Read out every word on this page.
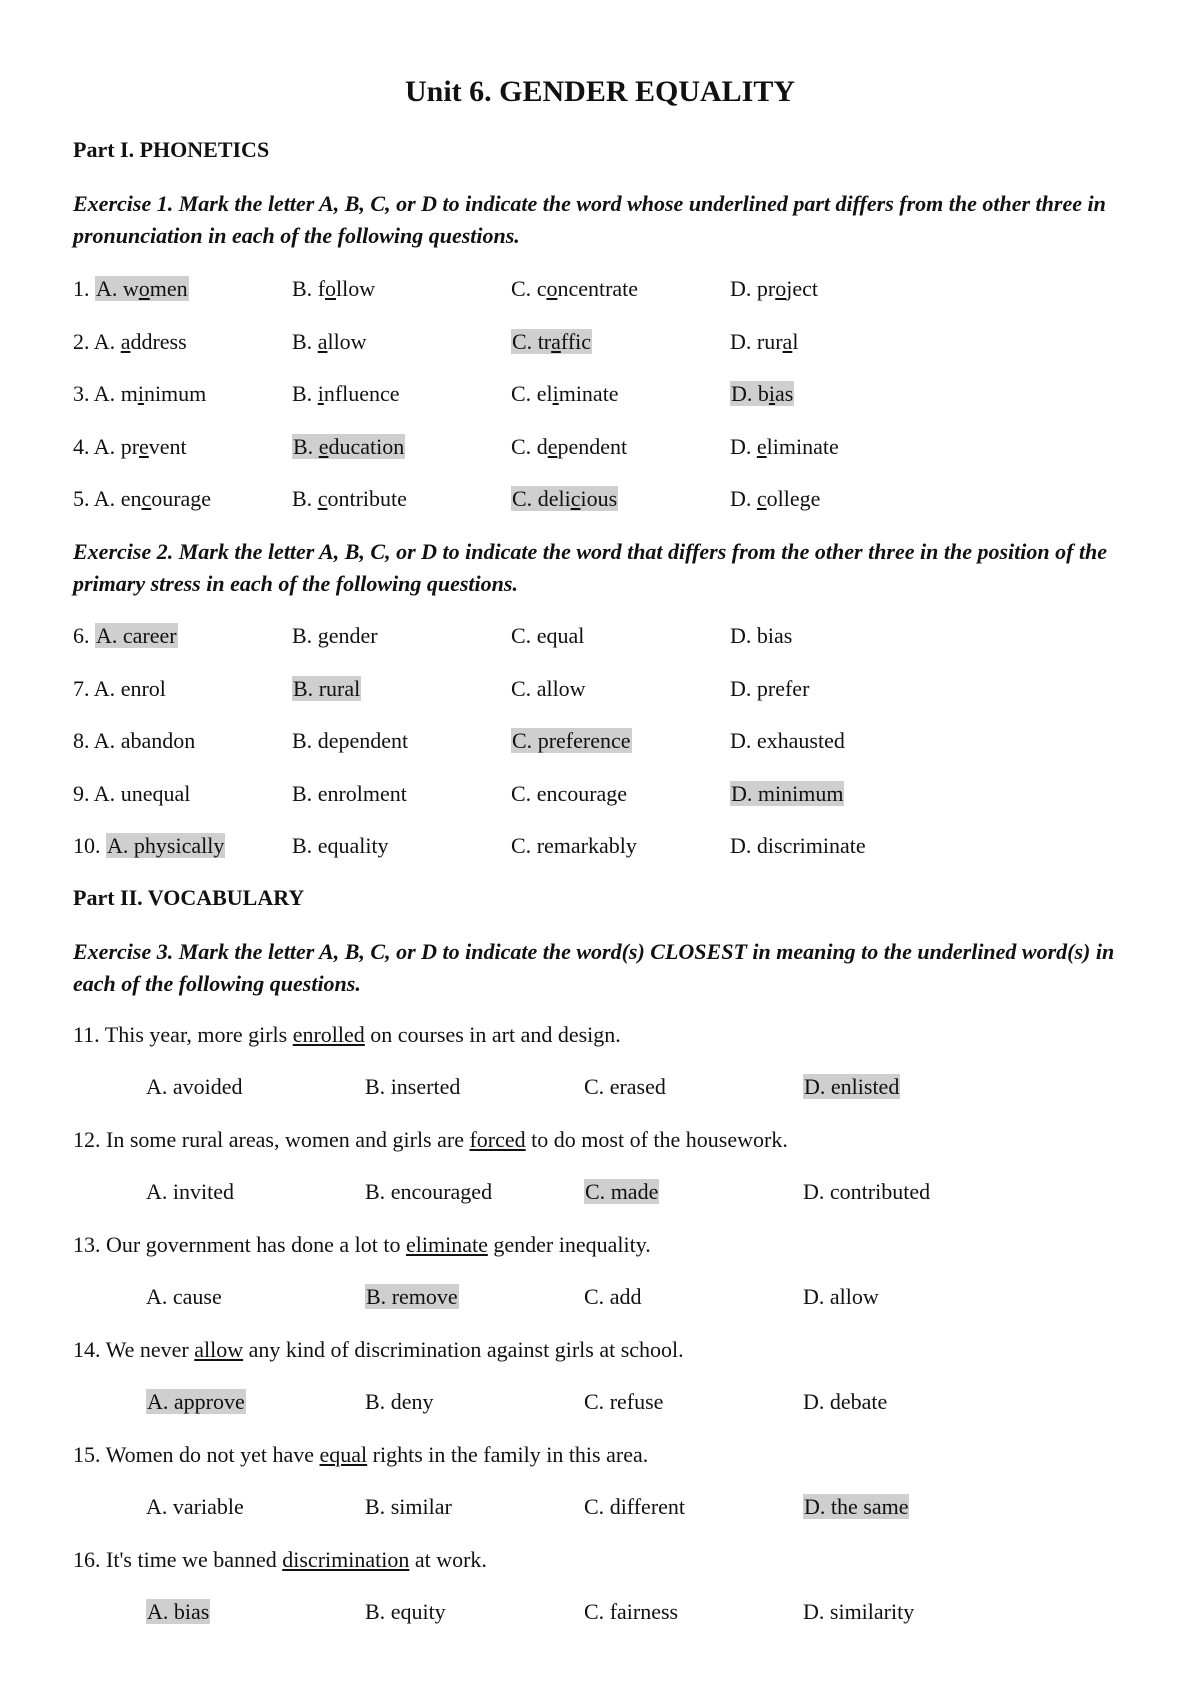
Unit 6. GENDER EQUALITY
Part I. PHONETICS
Exercise 1. Mark the letter A, B, C, or D to indicate the word whose underlined part differs from the other three in pronunciation in each of the following questions.
Exercise 2. Mark the letter A, B, C, or D to indicate the word that differs from the other three in the position of the primary stress in each of the following questions.
Part II. VOCABULARY
Exercise 3. Mark the letter A, B, C, or D to indicate the word(s) CLOSEST in meaning to the underlined word(s) in each of the following questions.
1. A. women	B. follow	C. concentrate	D. project
2. A. address	B. allow	C. traffic	D. rural
3. A. minimum	B. influence	C. eliminate	D. bias
4. A. prevent	B. education	C. dependent	D. eliminate
5. A. encourage	B. contribute	C. delicious	D. college
6. A. career	B. gender	C. equal	D. bias
7. A. enrol	B. rural	C. allow	D. prefer
8. A. abandon	B. dependent	C. preference	D. exhausted
9. A. unequal	B. enrolment	C. encourage	D. minimum
10. A. physically	B. equality	C. remarkably	D. discriminate
11. This year, more girls enrolled on courses in art and design.
A. avoided	B. inserted	C. erased	D. enlisted
12. In some rural areas, women and girls are forced to do most of the housework.
A. invited	B. encouraged	C. made	D. contributed
13. Our government has done a lot to eliminate gender inequality.
A. cause	B. remove	C. add	D. allow
14. We never allow any kind of discrimination against girls at school.
A. approve	B. deny	C. refuse	D. debate
15. Women do not yet have equal rights in the family in this area.
A. variable	B. similar	C. different	D. the same
16. It's time we banned discrimination at work.
A. bias	B. equity	C. fairness	D. similarity
